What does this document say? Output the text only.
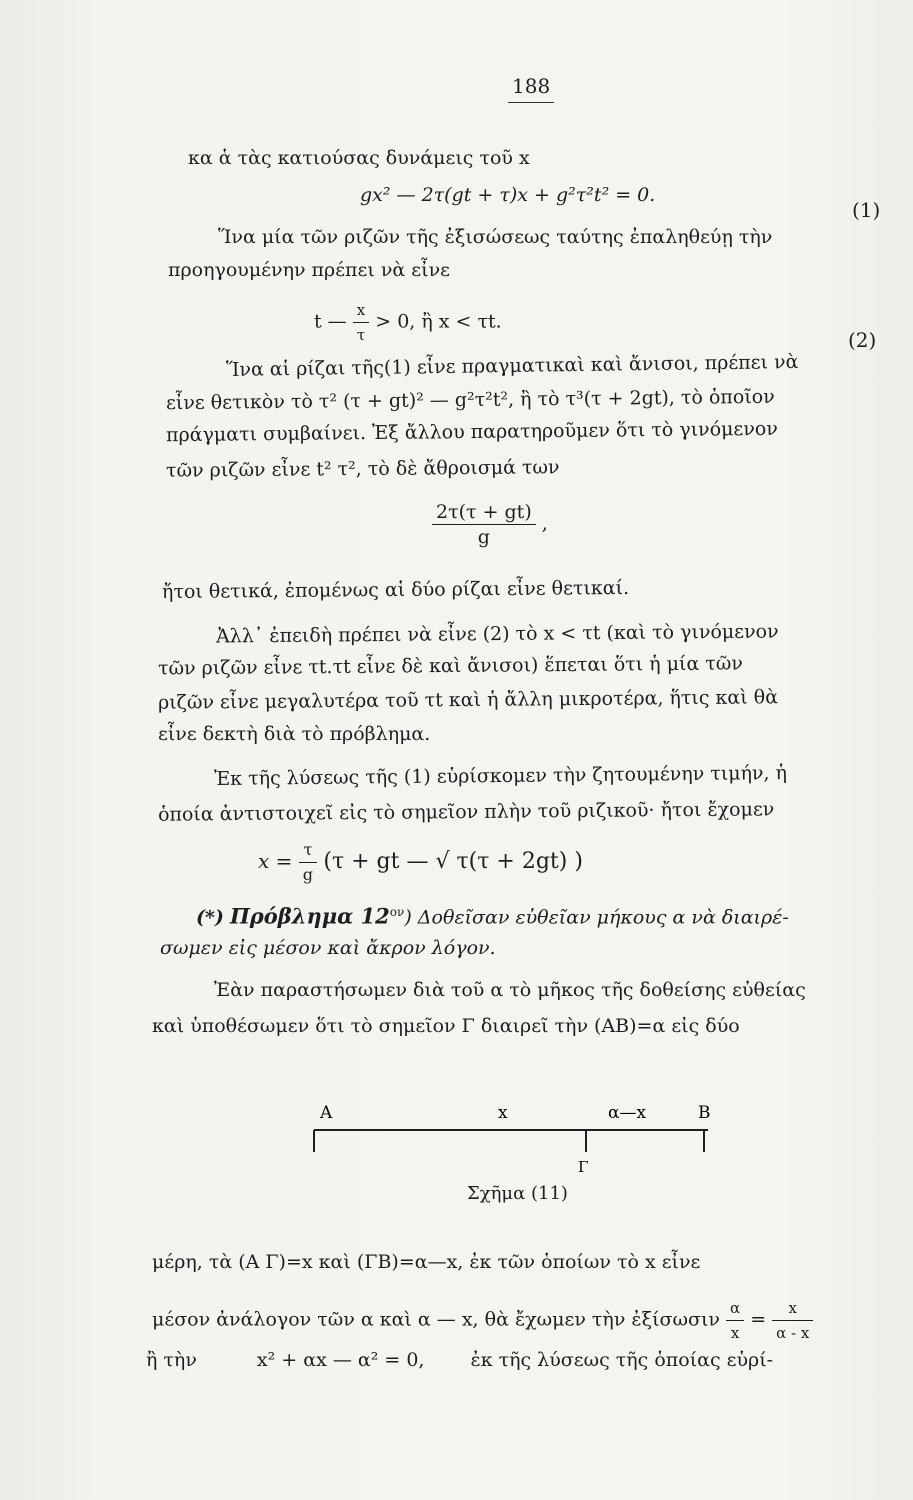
188
κα ἁ τὰς κατιούσας δυνάμεις τοῦ x
gx² — 2τ(gt + τ)x + g²τ²t² = 0.
(1)
Ἵνα μία τῶν ριζῶν τῆς ἐξισώσεως ταύτης ἐπαληθεύῃ τὴν
προηγουμένην πρέπει νὰ εἶνε
t — $\frac{x}{\tau} > 0$, ἢ x < τt.
(2)
Ἵνα αἱ ρίζαι τῆς(1) εἶνε πραγματικαὶ καὶ ἄνισοι, πρέπει νὰ
εἶνε θετικὸν τὸ τ² (τ + gt)² — g²τ²t², ἢ τὸ τ³(τ + 2gt), τὸ ὁποῖον
πράγματι συμβαίνει. Ἐξ ἄλλου παρατηροῦμεν ὅτι τὸ γινόμενον
τῶν ριζῶν εἶνε t² τ², τὸ δὲ ἄθροισμά των
$\frac{2\tau(\tau + gt)}{g}$ ,
ἤτοι θετικά, ἐπομένως αἱ δύο ρίζαι εἶνε θετικαί.
Ἀλλ᾽ ἐπειδὴ πρέπει νὰ εἶνε (2) τὸ x < τt (καὶ τὸ γινόμενον
τῶν ριζῶν εἶνε τt.τt εἶνε δὲ καὶ ἄνισοι) ἕπεται ὅτι ἡ μία τῶν
ριζῶν εἶνε μεγαλυτέρα τοῦ τt καὶ ἡ ἄλλη μικροτέρα, ἥτις καὶ θὰ
εἶνε δεκτὴ διὰ τὸ πρόβλημα.
Ἐκ τῆς λύσεως τῆς (1) εὑρίσκομεν τὴν ζητουμένην τιμήν, ἡ
ὁποία ἀντιστοιχεῖ εἰς τὸ σημεῖον πλὴν τοῦ ριζικοῦ· ἤτοι ἔχομεν
$x = \frac{\tau}{g} (\tau$ + gt — √ τ(τ + 2gt) )
(*) Πρόβλημα $12^{o\nu}$) Δοθεῖσαν εὐθεῖαν μήκους α νὰ διαιρέ-
σωμεν εἰς μέσον καὶ ἄκρον λόγον.
Ἐὰν παραστήσωμεν διὰ τοῦ α τὸ μῆκος τῆς δοθείσης εὐθείας
καὶ ὑποθέσωμεν ὅτι τὸ σημεῖον Γ διαιρεῖ τὴν (AB)=α εἰς δύο
A	x	α—x	B
Γ
Σχῆμα (11)
μέρη, τὰ (A Γ)=x καὶ (ΓB)=α—x, ἐκ τῶν ὁποίων τὸ x εἶνε
μέσον ἀνάλογον τῶν α καὶ α — x, θὰ ἔχωμεν τὴν ἐξίσωσιν $\frac{\alpha}{x} = \frac{x}{\alpha - x}$
ἢ τὴν	x² + αx — α² = 0, ἐκ τῆς λύσεως τῆς ὁποίας εὑρί-
